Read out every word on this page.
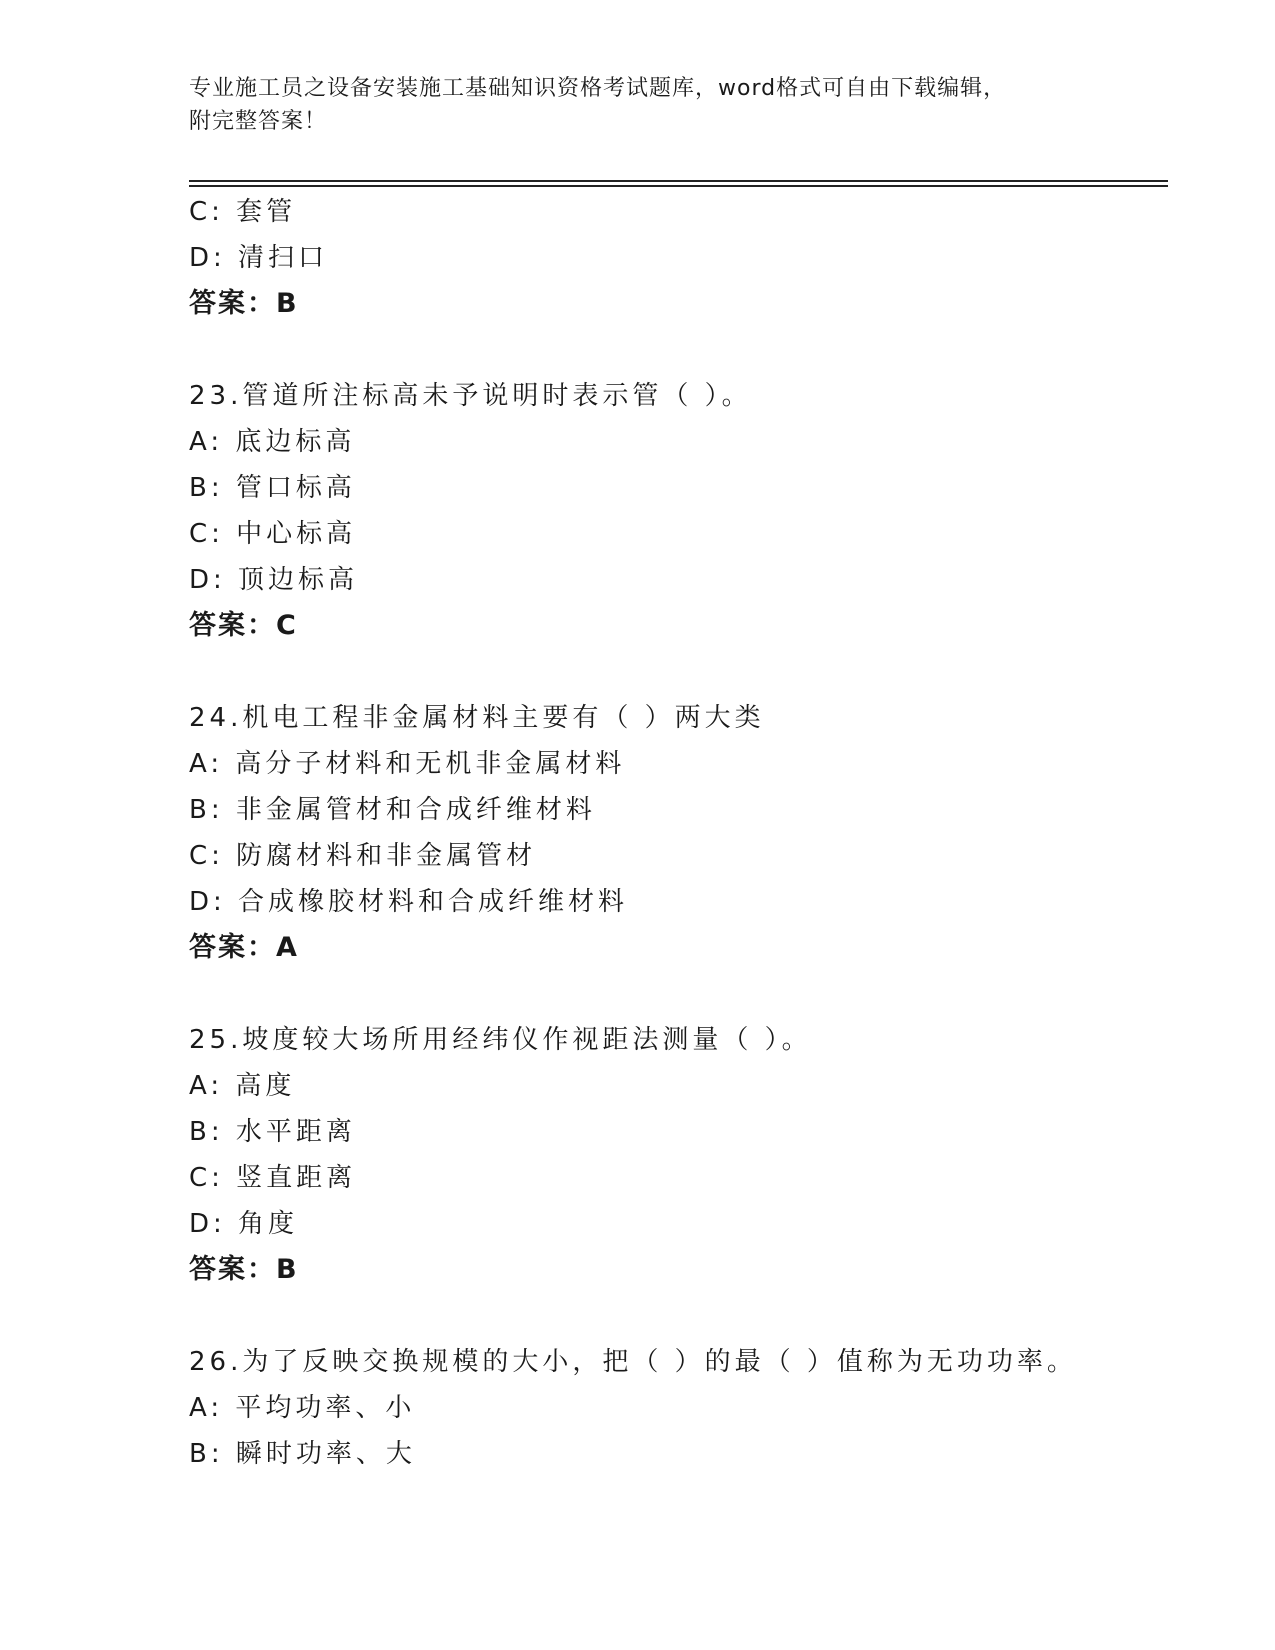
专业施工员之设备安装施工基础知识资格考试题库，word格式可自由下载编辑，
附完整答案！
C: 套管
D: 清扫口
答案：B
23.管道所注标高未予说明时表示管（ ）。
A: 底边标高
B: 管口标高
C: 中心标高
D: 顶边标高
答案：C
24.机电工程非金属材料主要有（ ）两大类
A: 高分子材料和无机非金属材料
B: 非金属管材和合成纤维材料
C: 防腐材料和非金属管材
D: 合成橡胶材料和合成纤维材料
答案：A
25.坡度较大场所用经纬仪作视距法测量（ ）。
A: 高度
B: 水平距离
C: 竖直距离
D: 角度
答案：B
26.为了反映交换规模的大小，把（ ）的最（ ）值称为无功功率。
A: 平均功率、小
B: 瞬时功率、大
